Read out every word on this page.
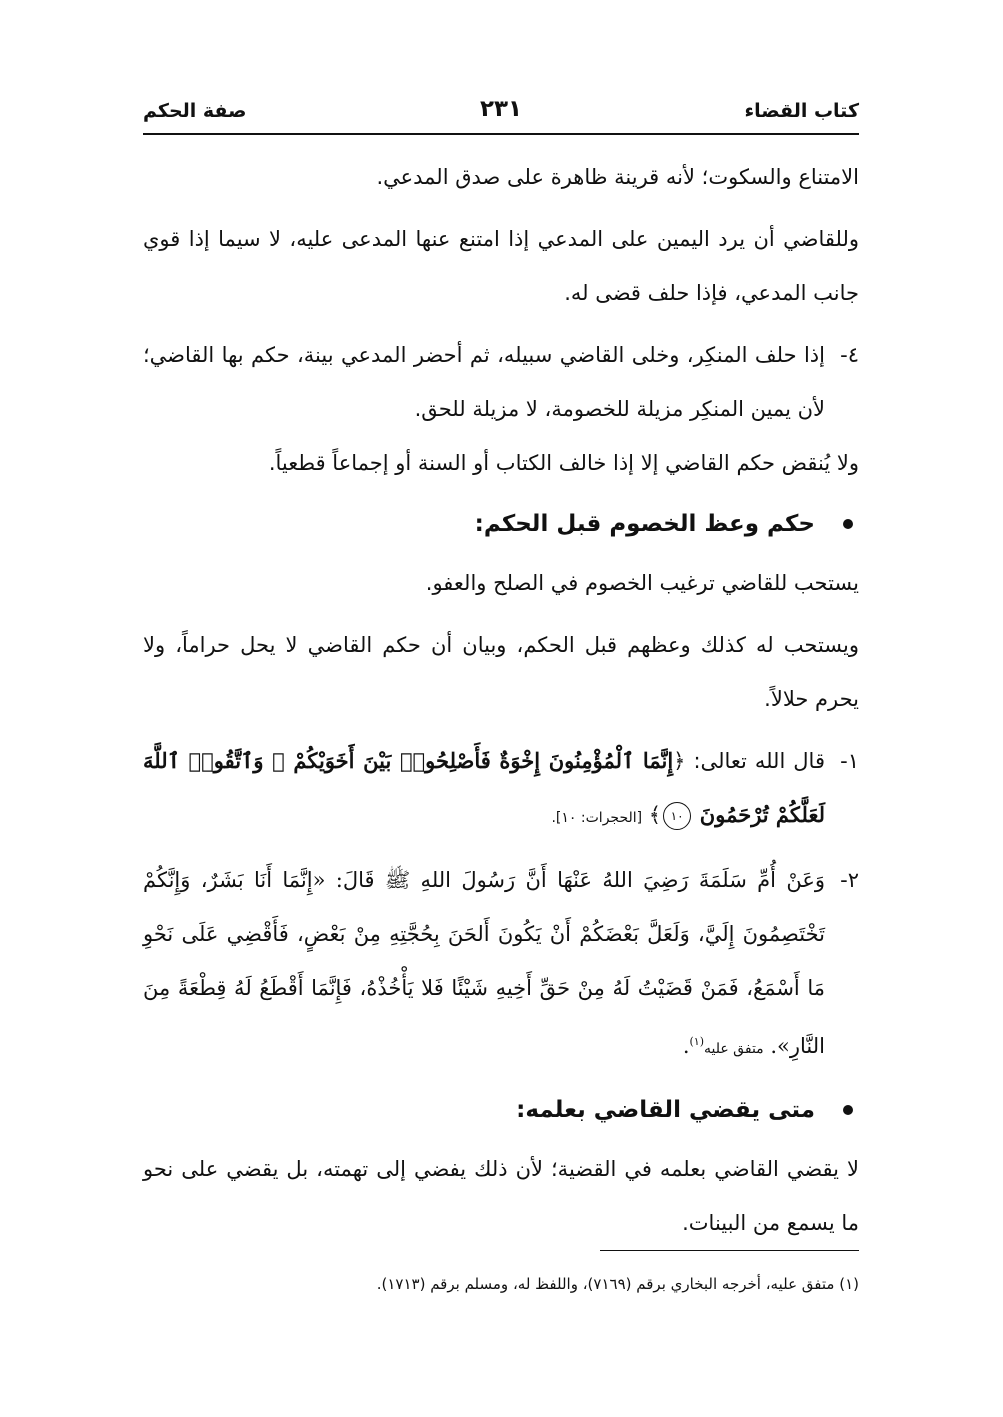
كتاب القضاء
٢٣١
صفة الحكم

الامتناع والسكوت؛ لأنه قرينة ظاهرة على صدق المدعي.

وللقاضي أن يرد اليمين على المدعي إذا امتنع عنها المدعى عليه، لا سيما إذا قوي جانب المدعي، فإذا حلف قضى له.

٤-

إذا حلف المنكِر، وخلى القاضي سبيله، ثم أحضر المدعي بينة، حكم بها القاضي؛ لأن يمين المنكِر مزيلة للخصومة، لا مزيلة للحق.

ولا يُنقض حكم القاضي إلا إذا خالف الكتاب أو السنة أو إجماعاً قطعياً.

حكم وعظ الخصوم قبل الحكم:

يستحب للقاضي ترغيب الخصوم في الصلح والعفو.

ويستحب له كذلك وعظهم قبل الحكم، وبيان أن حكم القاضي لا يحل حراماً، ولا يحرم حلالاً.

١-

قال الله تعالى: ﴿إِنَّمَا ٱلْمُؤْمِنُونَ إِخْوَةٌ فَأَصْلِحُوا۟ بَيْنَ أَخَوَيْكُمْ ۚ وَٱتَّقُوا۟ ٱللَّهَ لَعَلَّكُمْ تُرْحَمُونَ ١٠﴾ [الحجرات: ١٠].

٢-

وَعَنْ أُمِّ سَلَمَةَ رَضِيَ اللهُ عَنْهَا أَنَّ رَسُولَ اللهِ ﷺ قَالَ: «إِنَّمَا أَنَا بَشَرٌ، وَإِنَّكُمْ تَخْتَصِمُونَ إِلَيَّ، وَلَعَلَّ بَعْضَكُمْ أَنْ يَكُونَ أَلحَنَ بِحُجَّتِهِ مِنْ بَعْضٍ، فَأَقْضِي عَلَى نَحْوِ مَا أَسْمَعُ، فَمَنْ قَضَيْتُ لَهُ مِنْ حَقِّ أَخِيهِ شَيْئًا فَلا يَأْخُذْهُ، فَإِنَّمَا أَقْطَعُ لَهُ قِطْعَةً مِنَ النَّارِ». متفق عليه$^{(١)}$.

متى يقضي القاضي بعلمه:

لا يقضي القاضي بعلمه في القضية؛ لأن ذلك يفضي إلى تهمته، بل يقضي على نحو ما يسمع من البينات.

(١) متفق عليه، أخرجه البخاري برقم (٧١٦٩)، واللفظ له، ومسلم برقم (١٧١٣).
